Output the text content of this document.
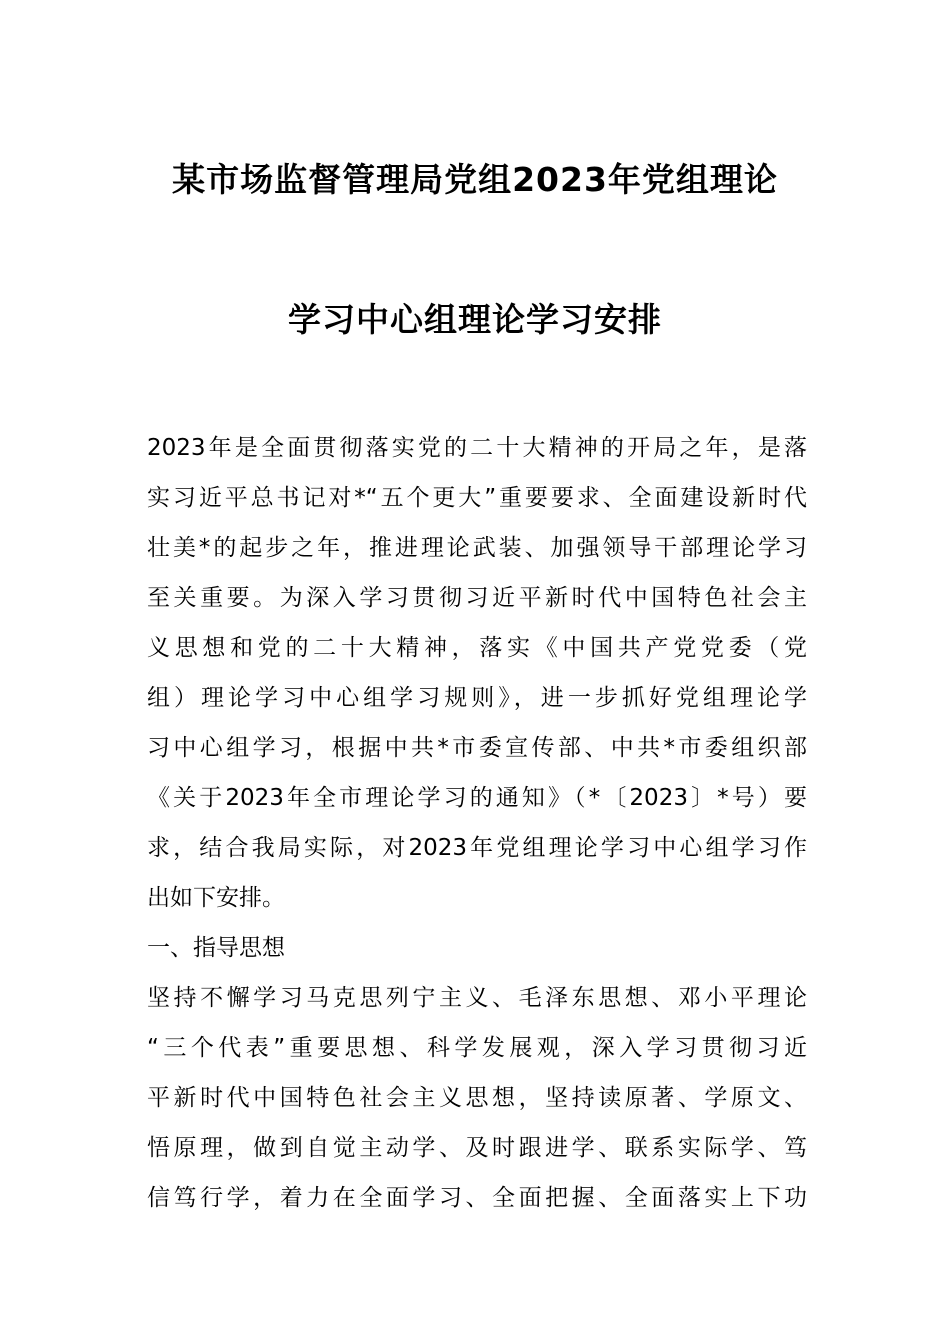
某市场监督管理局党组2023年党组理论
学习中心组理论学习安排
2023年是全面贯彻落实党的二十大精神的开局之年，是落
实习近平总书记对*“五个更大”重要要求、全面建设新时代
壮美*的起步之年，推进理论武装、加强领导干部理论学习
至关重要。为深入学习贯彻习近平新时代中国特色社会主
义思想和党的二十大精神，落实《中国共产党党委（党
组）理论学习中心组学习规则》，进一步抓好党组理论学
习中心组学习，根据中共*市委宣传部、中共*市委组织部
《关于2023年全市理论学习的通知》（*〔2023〕*号）要
求，结合我局实际，对2023年党组理论学习中心组学习作
出如下安排。
一、指导思想
坚持不懈学习马克思列宁主义、毛泽东思想、邓小平理论
“三个代表”重要思想、科学发展观，深入学习贯彻习近
平新时代中国特色社会主义思想，坚持读原著、学原文、
悟原理，做到自觉主动学、及时跟进学、联系实际学、笃
信笃行学，着力在全面学习、全面把握、全面落实上下功
